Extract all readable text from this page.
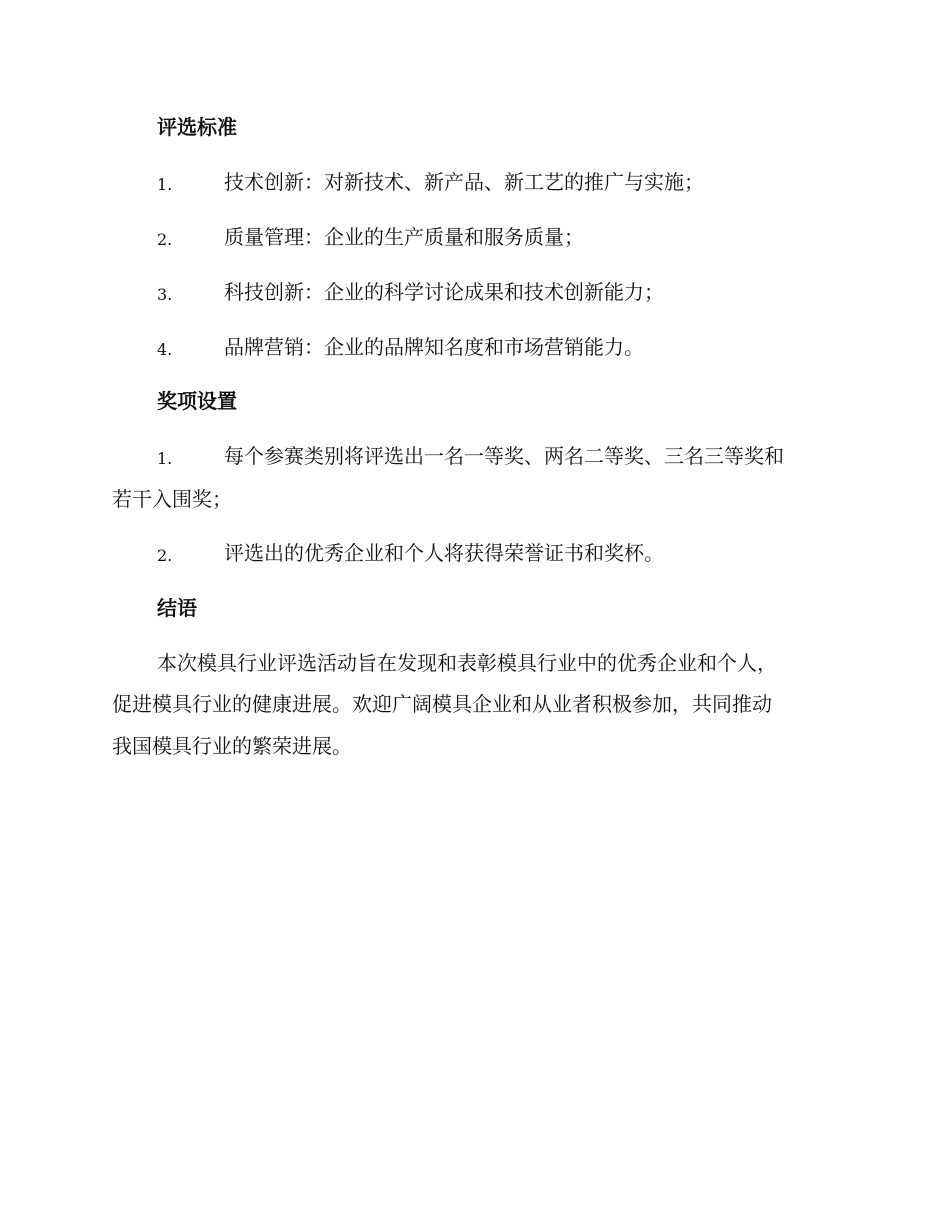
评选标准
1.	技术创新：对新技术、新产品、新工艺的推广与实施；
2.	质量管理：企业的生产质量和服务质量；
3.	科技创新：企业的科学讨论成果和技术创新能力；
4.	品牌营销：企业的品牌知名度和市场营销能力。
奖项设置
1.	每个参赛类别将评选出一名一等奖、两名二等奖、三名三等奖和
若干入围奖；
2.	评选出的优秀企业和个人将获得荣誉证书和奖杯。
结语
本次模具行业评选活动旨在发现和表彰模具行业中的优秀企业和个人，
促进模具行业的健康进展。欢迎广阔模具企业和从业者积极参加，共同推动
我国模具行业的繁荣进展。
